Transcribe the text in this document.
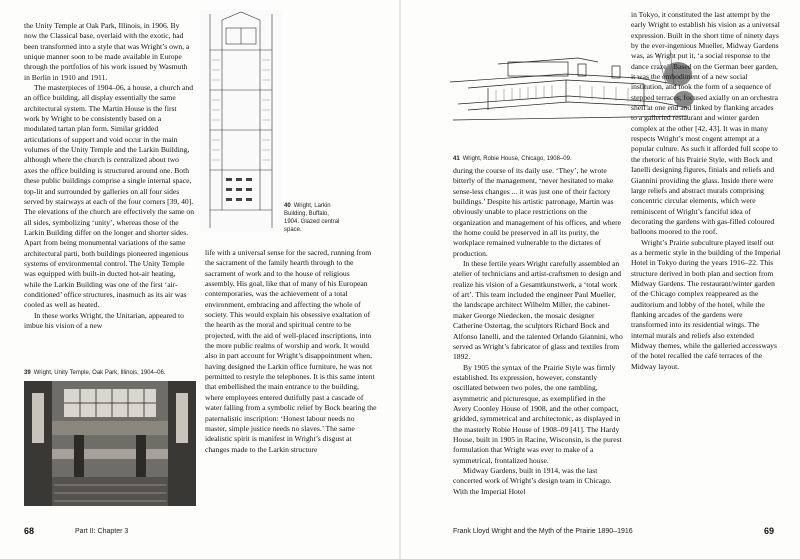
the Unity Temple at Oak Park, Illinois, in 1906. By now the Classical base, overlaid with the exotic, had been transformed into a style that was Wright’s own, a unique manner soon to be made available in Europe through the portfolios of his work issued by Wasmuth in Berlin in 1910 and 1911.

The masterpieces of 1904–06, a house, a church and an office building, all display essentially the same architectural system. The Martin House is the first work by Wright to be consistently based on a modulated tartan plan form. Similar gridded articulations of support and void occur in the main volumes of the Unity Temple and the Larkin Building, although where the church is centralized about two axes the office building is structured around one. Both these public buildings comprise a single internal space, top-lit and surrounded by galleries on all four sides served by stairways at each of the four corners [39, 40]. The elevations of the church are effectively the same on all sides, symbolizing ‘unity’, whereas those of the Larkin Building differ on the longer and shorter sides. Apart from being monumental variations of the same architectural parti, both buildings pioneered ingenious systems of environmental control. The Unity Temple was equipped with built-in ducted hot-air heating, while the Larkin Building was one of the first ‘air-conditioned’ office structures, inasmuch as its air was cooled as well as heated.

In these works Wright, the Unitarian, appeared to imbue his vision of a new

40 Wright, Larkin Building, Buffalo, 1904. Glazed central space.

life with a universal sense for the sacred, running from the sacrament of the family hearth through to the sacrament of work and to the house of religious assembly. His goal, like that of many of his European contemporaries, was the achievement of a total environment, embracing and affecting the whole of society. This would explain his obsessive exaltation of the hearth as the moral and spiritual centre to be projected, with the aid of well-placed inscriptions, into the more public realms of worship and work. It would also in part account for Wright’s disappointment when, having designed the Larkin office furniture, he was not permitted to restyle the telephones. It is this same intent that embellished the main entrance to the building, where employees entered dutifully past a cascade of water falling from a symbolic relief by Bock bearing the paternalistic inscription: ‘Honest labour needs no master, simple justice needs no slaves.’ The same idealistic spirit is manifest in Wright’s disgust at changes made to the Larkin structure

39 Wright, Unity Temple, Oak Park, Illinois, 1904–06.
68	Part II: Chapter 3
41 Wright, Robie House, Chicago, 1908–09.

during the course of its daily use. ‘They’, he wrote bitterly of the management, ‘never hesitated to make sense-less changes ... it was just one of their factory buildings.’ Despite his artistic patronage, Martin was obviously unable to place restrictions on the organization and management of his offices, and where the home could be preserved in all its purity, the workplace remained vulnerable to the dictates of production.

In these fertile years Wright carefully assembled an atelier of technicians and artist-craftsmen to design and realize his vision of a Gesamtkunstwerk, a ‘total work of art’. This team included the engineer Paul Mueller, the landscape architect Wilhelm Miller, the cabinet-maker George Niedecken, the mosaic designer Catherine Ostertag, the sculptors Richard Bock and Alfonso Ianelli, and the talented Orlando Giannini, who served as Wright’s fabricator of glass and textiles from 1892.

By 1905 the syntax of the Prairie Style was firmly established. Its expression, however, constantly oscillated between two poles, the one rambling, asymmetric and picturesque, as exemplified in the Avery Coonley House of 1908, and the other compact, gridded, symmetrical and architectonic, as displayed in the masterly Robie House of 1908–09 [41]. The Hardy House, built in 1905 in Racine, Wisconsin, is the purest formulation that Wright was ever to make of a symmetrical, frontalized house.

Midway Gardens, built in 1914, was the last concerted work of Wright’s design team in Chicago. With the Imperial Hotel

in Tokyo, it constituted the last attempt by the early Wright to establish his vision as a universal expression. Built in the short time of ninety days by the ever-ingenious Mueller, Midway Gardens was, as Wright put it, ‘a social response to the dance craze’. Based on the German beer garden, it was the embodiment of a new social institution, and took the form of a sequence of stepped terraces, focused axially on an orchestra shell at one end and linked by flanking arcades to a galleried restaurant and winter garden complex at the other [42, 43]. It was in many respects Wright’s most cogent attempt at a popular culture. As such it afforded full scope to the rhetoric of his Prairie Style, with Bock and Ianelli designing figures, finials and reliefs and Giannini providing the glass. Inside there were large reliefs and abstract murals comprising concentric circular elements, which were reminiscent of Wright’s fanciful idea of decorating the gardens with gas-filled coloured balloons moored to the roof.

Wright’s Prairie subculture played itself out as a hermetic style in the building of the Imperial Hotel in Tokyo during the years 1916–22. This structure derived in both plan and section from Midway Gardens. The restaurant/winter garden of the Chicago complex reappeared as the auditorium and lobby of the hotel, while the flanking arcades of the gardens were transformed into its residential wings. The internal murals and reliefs also extended Midway themes, while the galleried accessways of the hotel recalled the café terraces of the Midway layout.

Frank Lloyd Wright and the Myth of the Prairie 1890–1916	69
